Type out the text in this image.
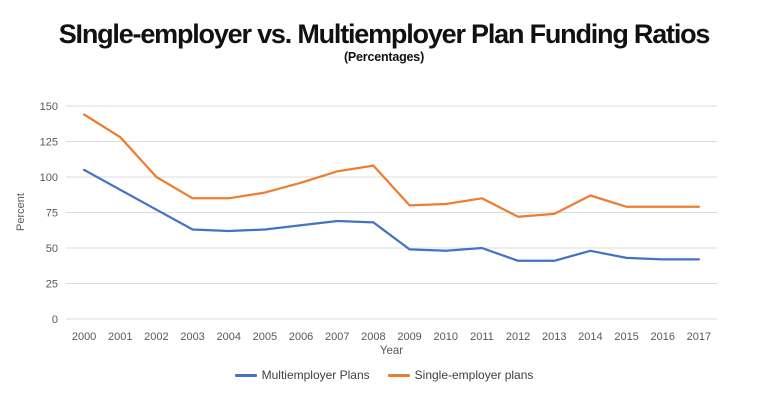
SIngle-employer vs. Multiemployer Plan Funding Ratios
(Percentages)
0
25
50
75
100
125
150
2000 2001 2002 2003 2004 2005 2006 2007 2008 2009 2010 2011 2012 2013 2014 2015 2016 2017
Percent
Year
Multiemployer Plans	Single-employer plans
